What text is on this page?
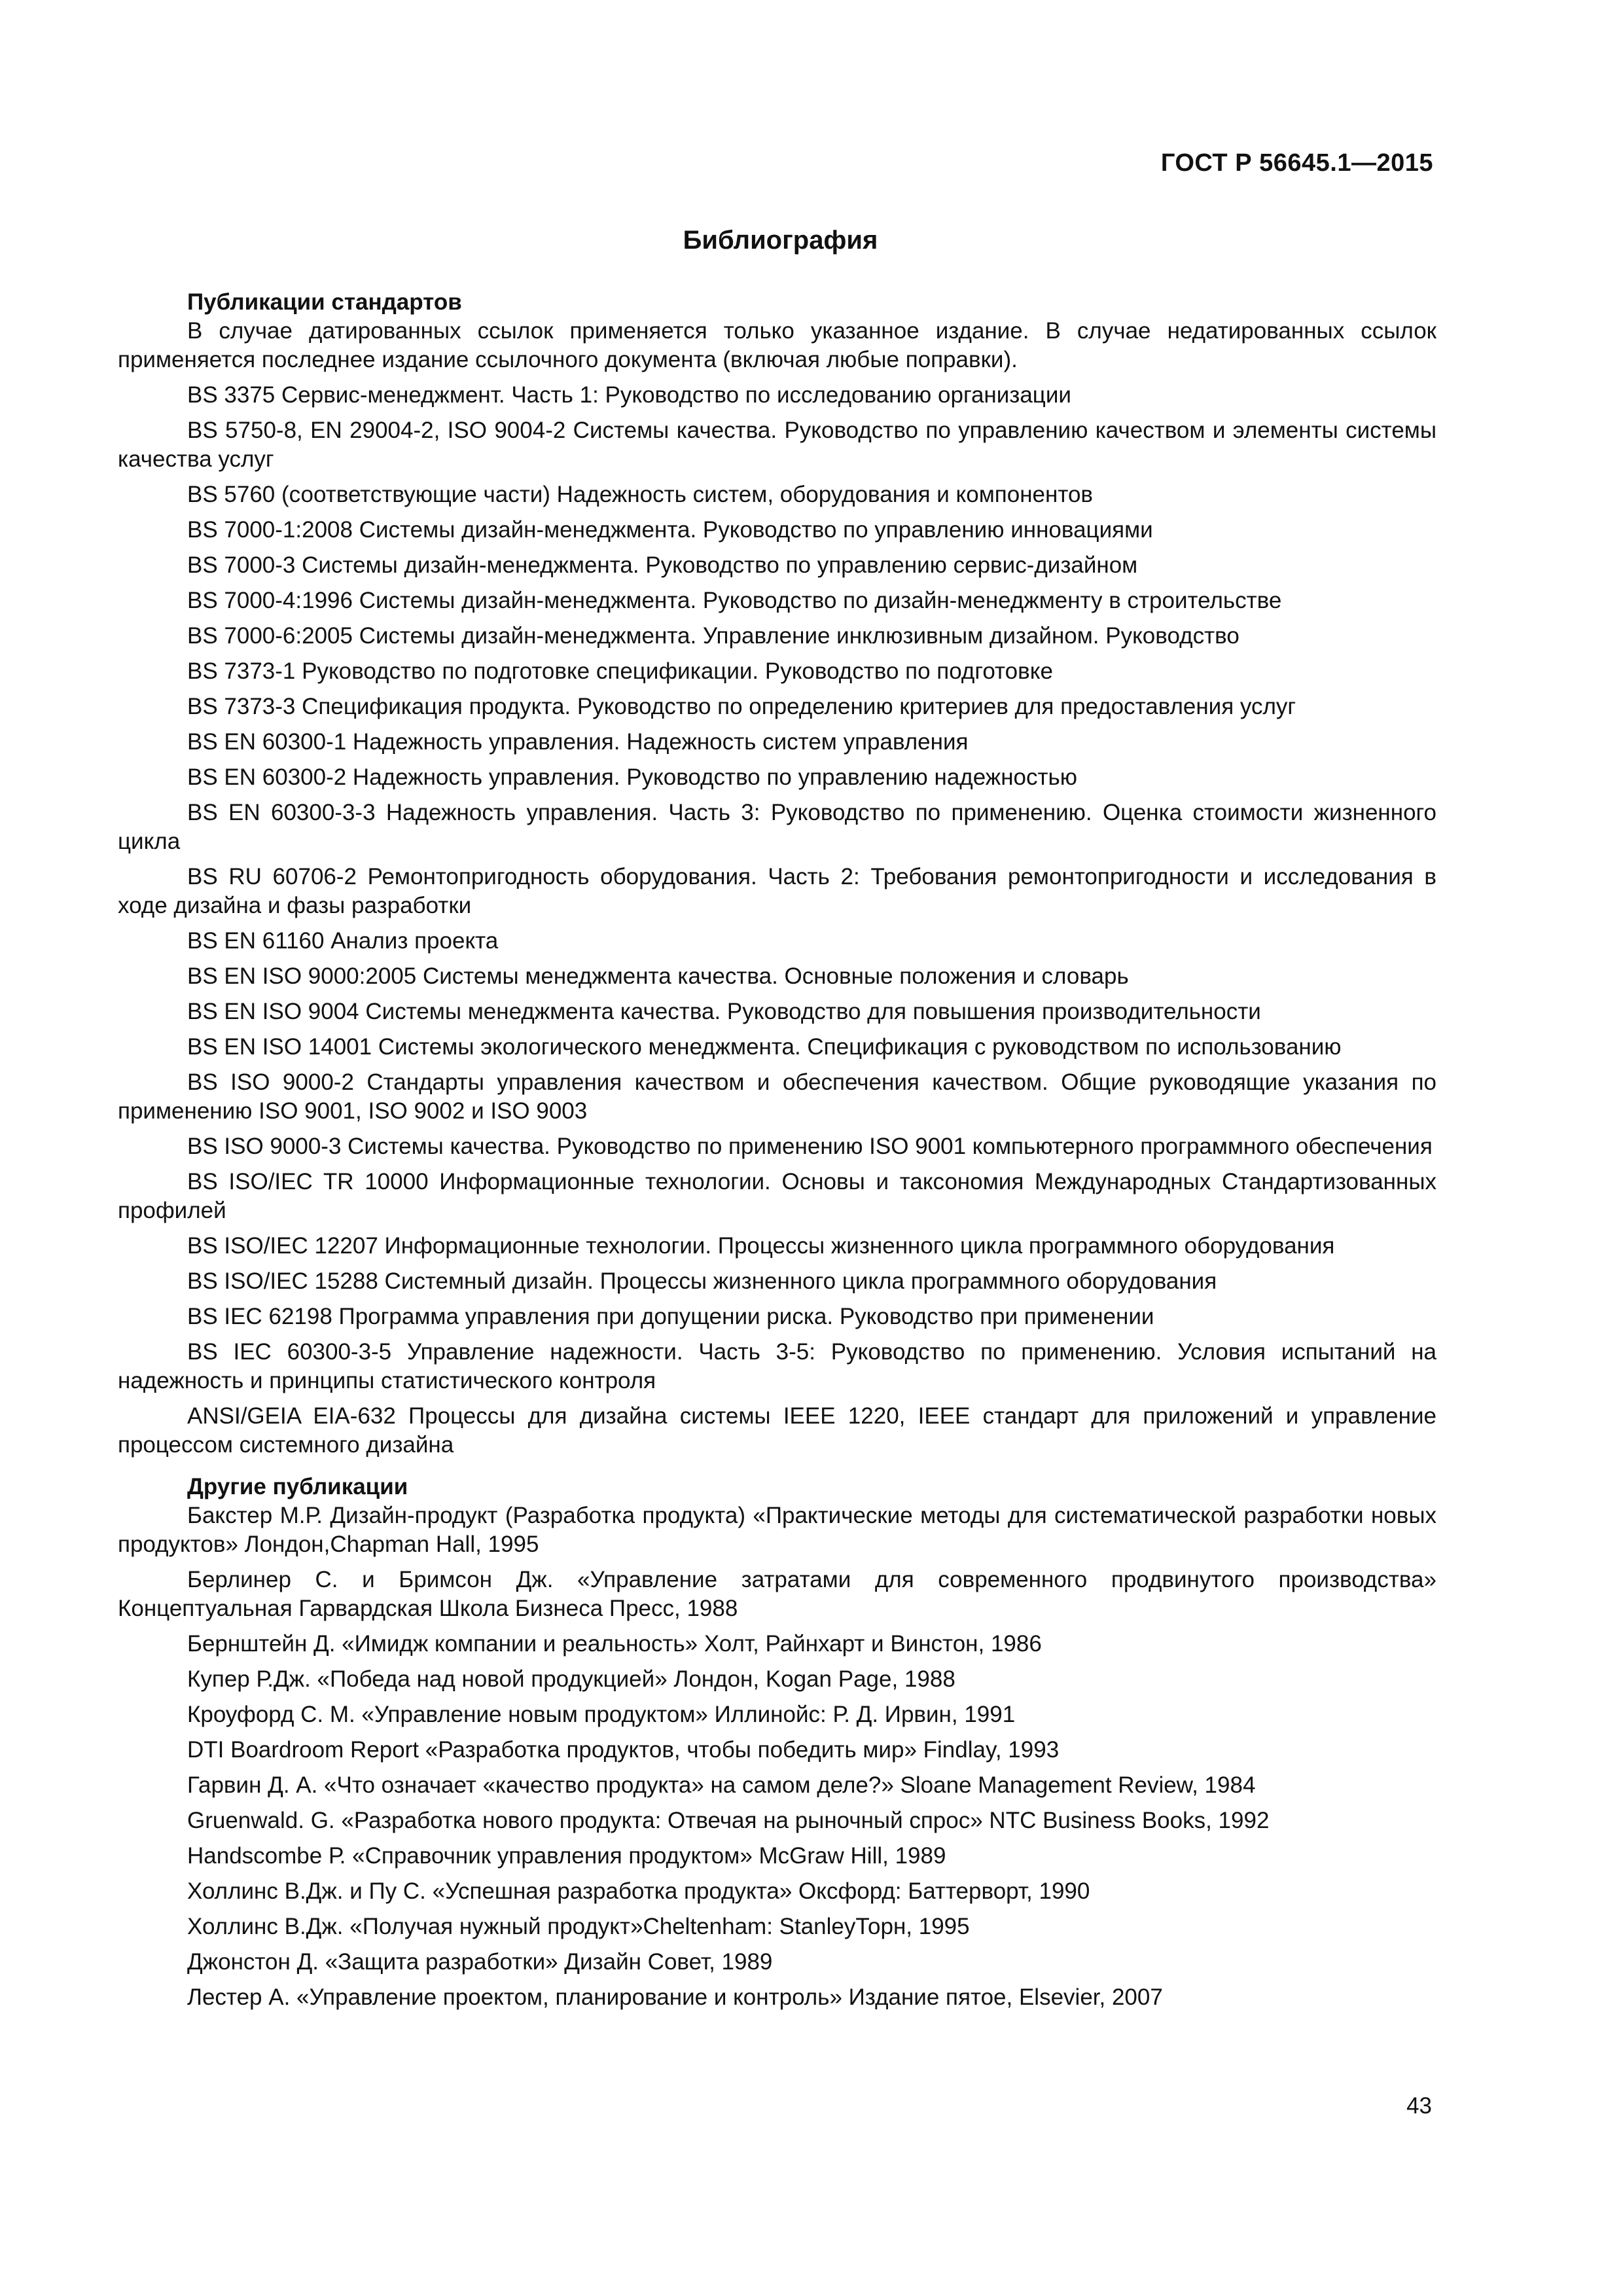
ГОСТ Р 56645.1—2015
Библиография

Публикации стандартов

В случае датированных ссылок применяется только указанное издание. В случае недатированных ссылок применяется последнее издание ссылочного документа (включая любые поправки).

BS 3375 Сервис-менеджмент. Часть 1: Руководство по исследованию организации

BS 5750-8, EN 29004-2, ISO 9004-2 Системы качества. Руководство по управлению качеством и элементы системы качества услуг

BS 5760 (соответствующие части) Надежность систем, оборудования и компонентов

BS 7000-1:2008 Системы дизайн-менеджмента. Руководство по управлению инновациями

BS 7000-3 Системы дизайн-менеджмента. Руководство по управлению сервис-дизайном

BS 7000-4:1996 Системы дизайн-менеджмента. Руководство по дизайн-менеджменту в строительстве

BS 7000-6:2005 Системы дизайн-менеджмента. Управление инклюзивным дизайном. Руководство

BS 7373-1 Руководство по подготовке спецификации. Руководство по подготовке

BS 7373-3 Спецификация продукта. Руководство по определению критериев для предоставления услуг

BS EN 60300-1 Надежность управления. Надежность систем управления

BS EN 60300-2 Надежность управления. Руководство по управлению надежностью

BS EN 60300-3-3 Надежность управления. Часть 3: Руководство по применению. Оценка стоимости жизненного цикла

BS RU 60706-2 Ремонтопригодность оборудования. Часть 2: Требования ремонтопригодности и исследования в ходе дизайна и фазы разработки

BS EN 61160 Анализ проекта

BS EN ISO 9000:2005 Системы менеджмента качества. Основные положения и словарь

BS EN ISO 9004 Системы менеджмента качества. Руководство для повышения производительности

BS EN ISO 14001 Системы экологического менеджмента. Спецификация с руководством по использованию

BS ISO 9000-2 Стандарты управления качеством и обеспечения качеством. Общие руководящие указания по применению ISO 9001, ISO 9002 и ISO 9003

BS ISO 9000-3 Системы качества. Руководство по применению ISO 9001 компьютерного программного обеспечения

BS ISO/IEC TR 10000 Информационные технологии. Основы и таксономия Международных Стандартизованных профилей

BS ISO/IEC 12207 Информационные технологии. Процессы жизненного цикла программного оборудования

BS ISO/IEC 15288 Системный дизайн. Процессы жизненного цикла программного оборудования

BS IEC 62198 Программа управления при допущении риска. Руководство при применении

BS IEC 60300-3-5 Управление надежности. Часть 3-5: Руководство по применению. Условия испытаний на надежность и принципы статистического контроля

ANSI/GEIA EIA-632 Процессы для дизайна системы IEEE 1220, IEEE стандарт для приложений и управление процессом системного дизайна

Другие публикации

Бакстер М.Р. Дизайн-продукт (Разработка продукта) «Практические методы для систематической разработки новых продуктов» Лондон,Chapman Hall, 1995

Берлинер С. и Бримсон Дж. «Управление затратами для современного продвинутого производства» Концептуальная Гарвардская Школа Бизнеса Пресс, 1988

Бернштейн Д. «Имидж компании и реальность» Холт, Райнхарт и Винстон, 1986

Купер Р.Дж. «Победа над новой продукцией» Лондон, Kogan Page, 1988

Кроуфорд С. М. «Управление новым продуктом» Иллинойс: Р. Д. Ирвин, 1991

DTI Boardroom Report «Разработка продуктов, чтобы победить мир» Findlay, 1993

Гарвин Д. А. «Что означает «качество продукта» на самом деле?» Sloane Management Review, 1984

Gruenwald. G. «Разработка нового продукта: Отвечая на рыночный спрос» NTC Business Books, 1992

Handscombe Р. «Справочник управления продуктом» McGraw Hill, 1989

Холлинс В.Дж. и Пу С. «Успешная разработка продукта» Оксфорд: Баттерворт, 1990

Холлинс В.Дж. «Получая нужный продукт»Cheltenham: StanleyТорн, 1995

Джонстон Д. «Защита разработки» Дизайн Совет, 1989

Лестер А. «Управление проектом, планирование и контроль» Издание пятое, Elsevier, 2007

43
